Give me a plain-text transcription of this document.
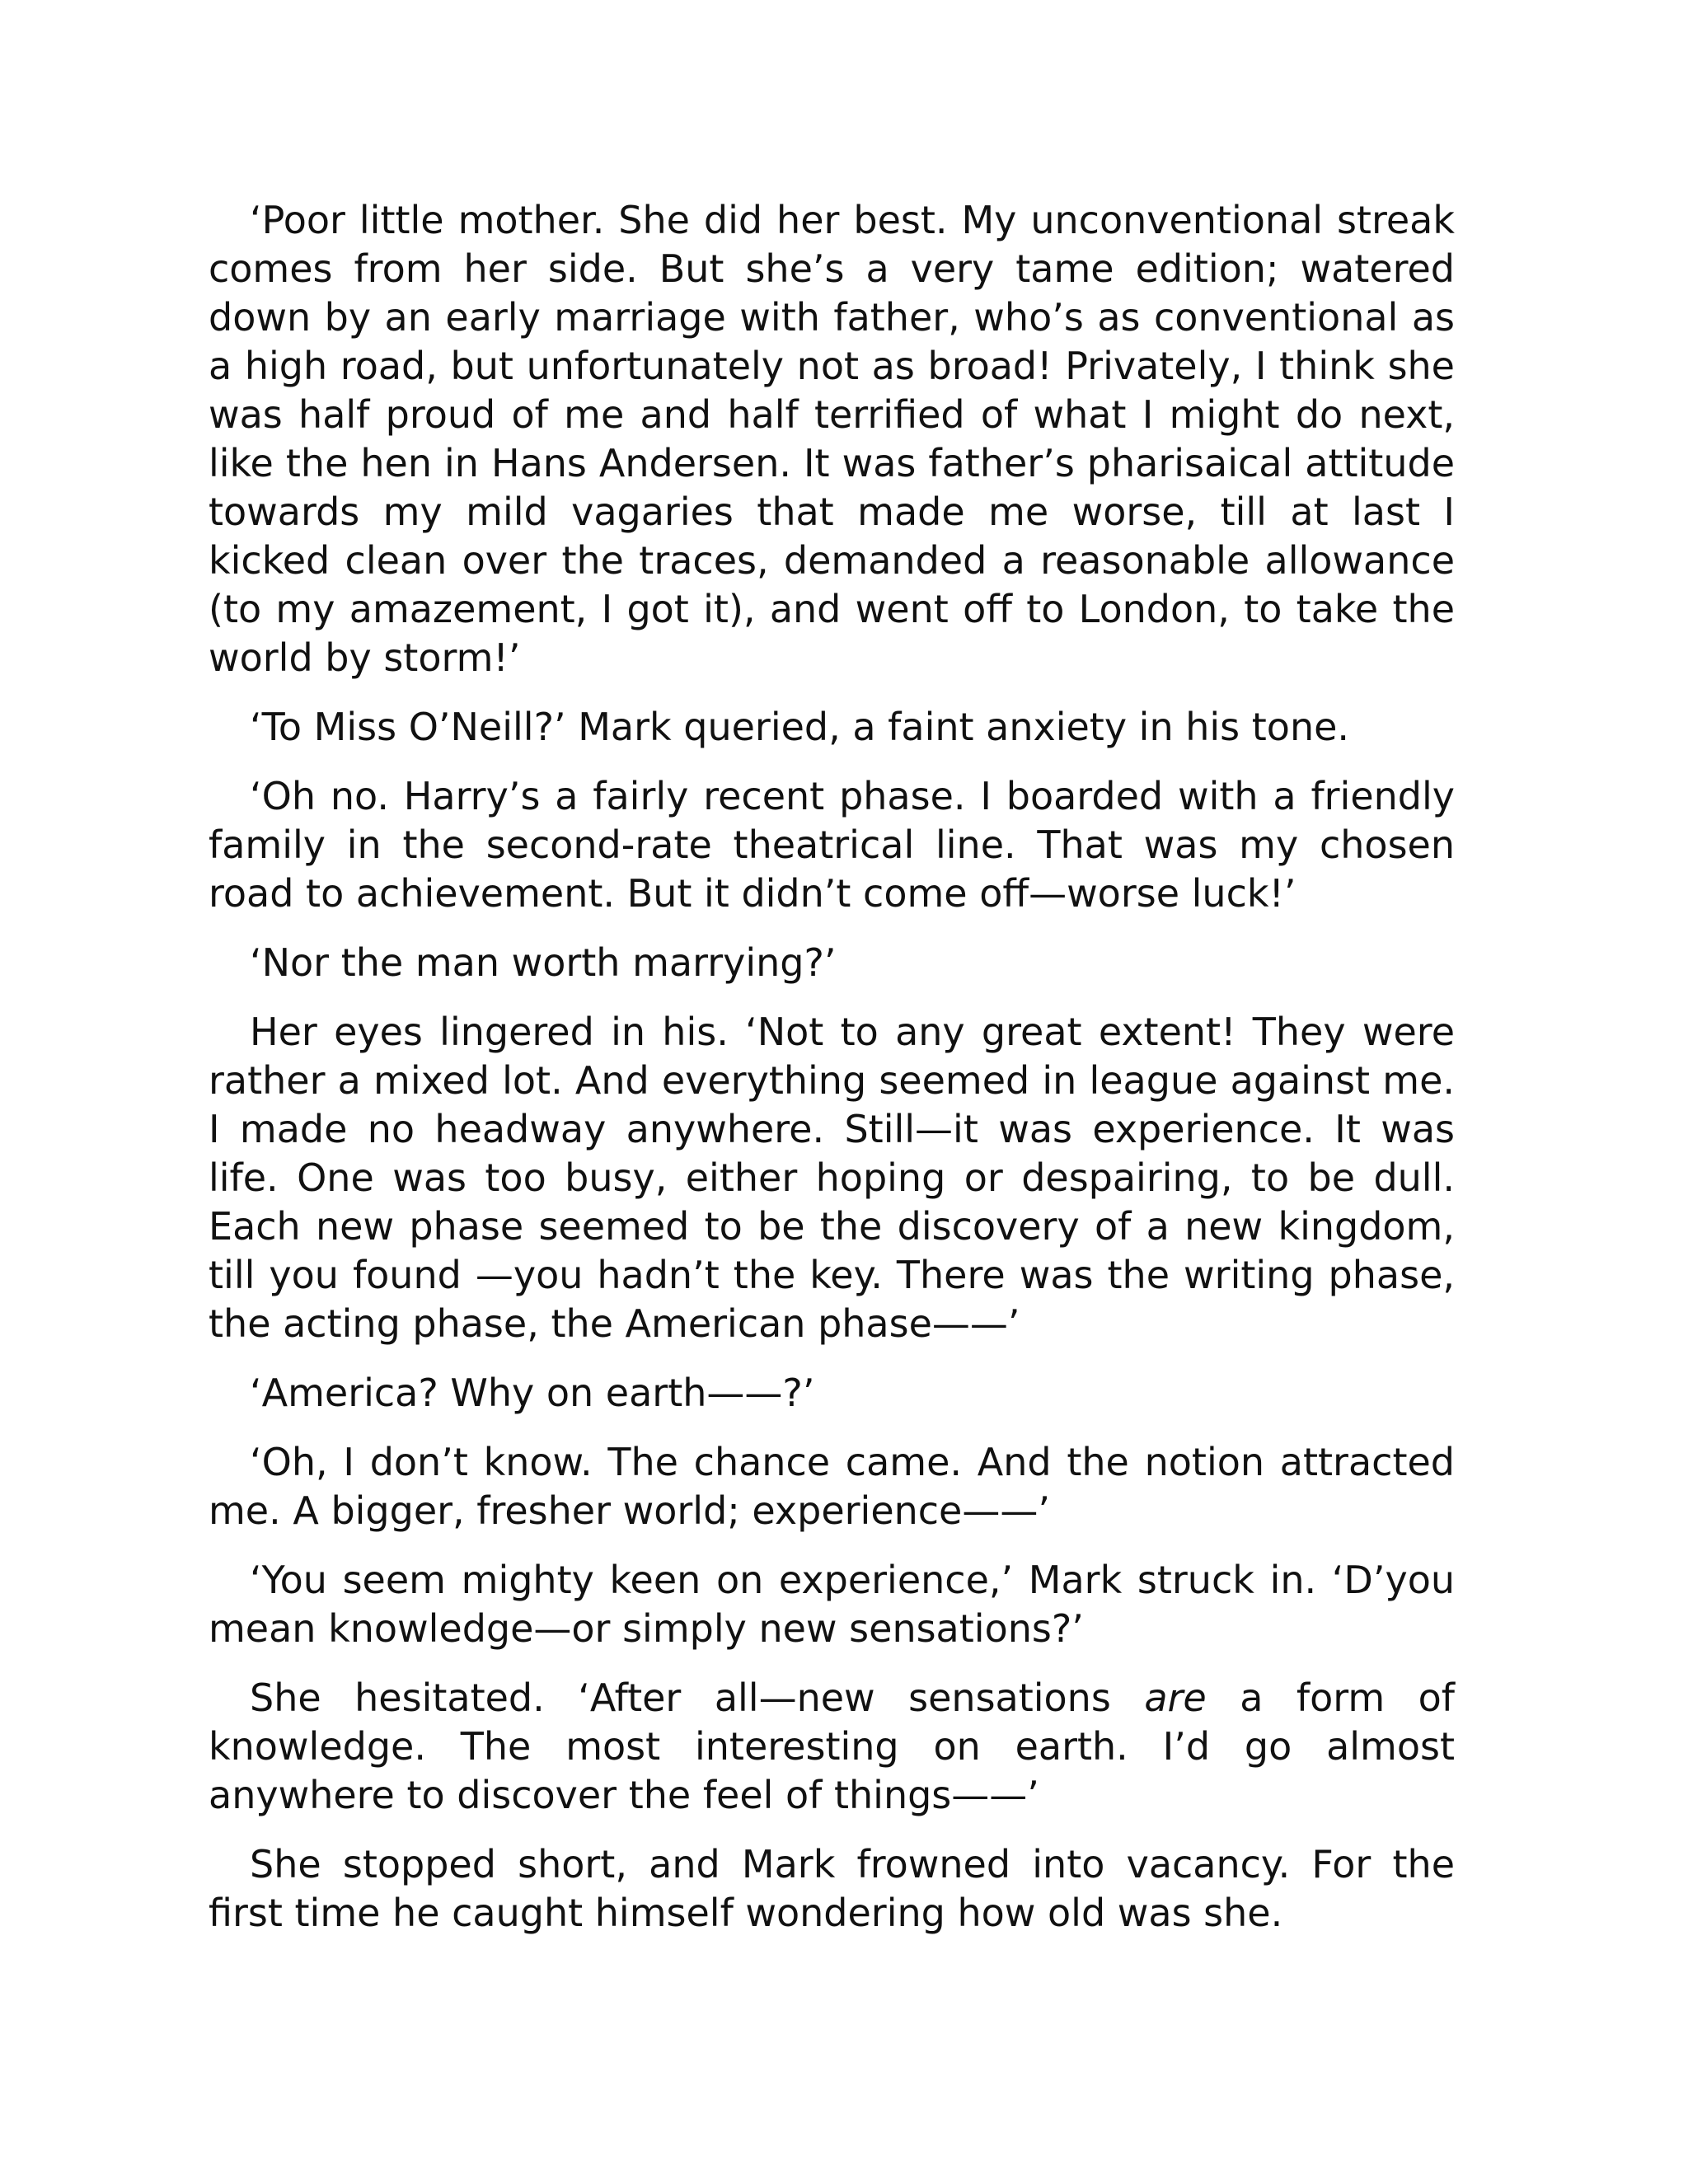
‘Poor little mother. She did her best. My unconventional streak comes from her side. But she’s a very tame edition; watered down by an early marriage with father, who’s as conventional as a high road, but unfortunately not as broad! Privately, I think she was half proud of me and half terrified of what I might do next, like the hen in Hans Andersen. It was father’s pharisaical attitude towards my mild vagaries that made me worse, till at last I kicked clean over the traces, demanded a reasonable allowance (to my amazement, I got it), and went off to London, to take the world by storm!’

‘To Miss O’Neill?’ Mark queried, a faint anxiety in his tone.

‘Oh no. Harry’s a fairly recent phase. I boarded with a friendly family in the second-rate theatrical line. That was my chosen road to achievement. But it didn’t come off—worse luck!’

‘Nor the man worth marrying?’

Her eyes lingered in his. ‘Not to any great extent! They were rather a mixed lot. And everything seemed in league against me. I made no headway anywhere. Still—it was experience. It was life. One was too busy, either hoping or despairing, to be dull. Each new phase seemed to be the discovery of a new kingdom, till you found —you hadn’t the key. There was the writing phase, the acting phase, the American phase——’

‘America? Why on earth——?’

‘Oh, I don’t know. The chance came. And the notion attracted me. A bigger, fresher world; experience——’

‘You seem mighty keen on experience,’ Mark struck in. ‘D’you mean knowledge—or simply new sensations?’

She hesitated. ‘After all—new sensations are a form of knowledge. The most interesting on earth. I’d go almost anywhere to discover the feel of things——’

She stopped short, and Mark frowned into vacancy. For the first time he caught himself wondering how old was she.
